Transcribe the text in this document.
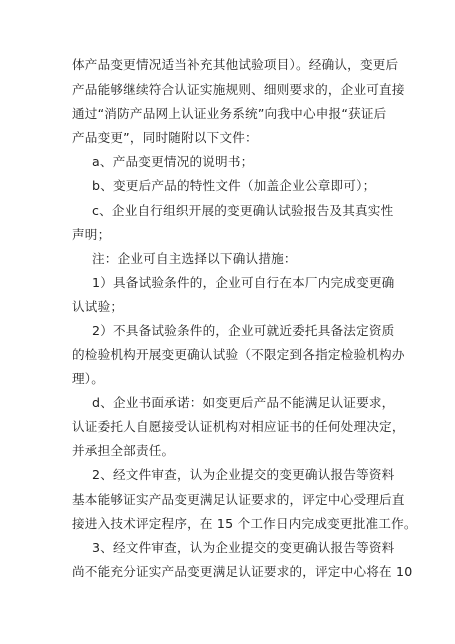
体产品变更情况适当补充其他试验项目）。经确认，变更后
产品能够继续符合认证实施规则、细则要求的，企业可直接
通过“消防产品网上认证业务系统”向我中心申报“获证后
产品变更”，同时随附以下文件：
a、产品变更情况的说明书；
b、变更后产品的特性文件（加盖企业公章即可）；
c、企业自行组织开展的变更确认试验报告及其真实性
声明；
注：企业可自主选择以下确认措施：
1）具备试验条件的，企业可自行在本厂内完成变更确
认试验；
2）不具备试验条件的，企业可就近委托具备法定资质
的检验机构开展变更确认试验（不限定到各指定检验机构办
理）。
d、企业书面承诺：如变更后产品不能满足认证要求，
认证委托人自愿接受认证机构对相应证书的任何处理决定，
并承担全部责任。
2、经文件审查，认为企业提交的变更确认报告等资料
基本能够证实产品变更满足认证要求的，评定中心受理后直
接进入技术评定程序，在 15 个工作日内完成变更批准工作。
3、经文件审查，认为企业提交的变更确认报告等资料
尚不能充分证实产品变更满足认证要求的，评定中心将在 10
